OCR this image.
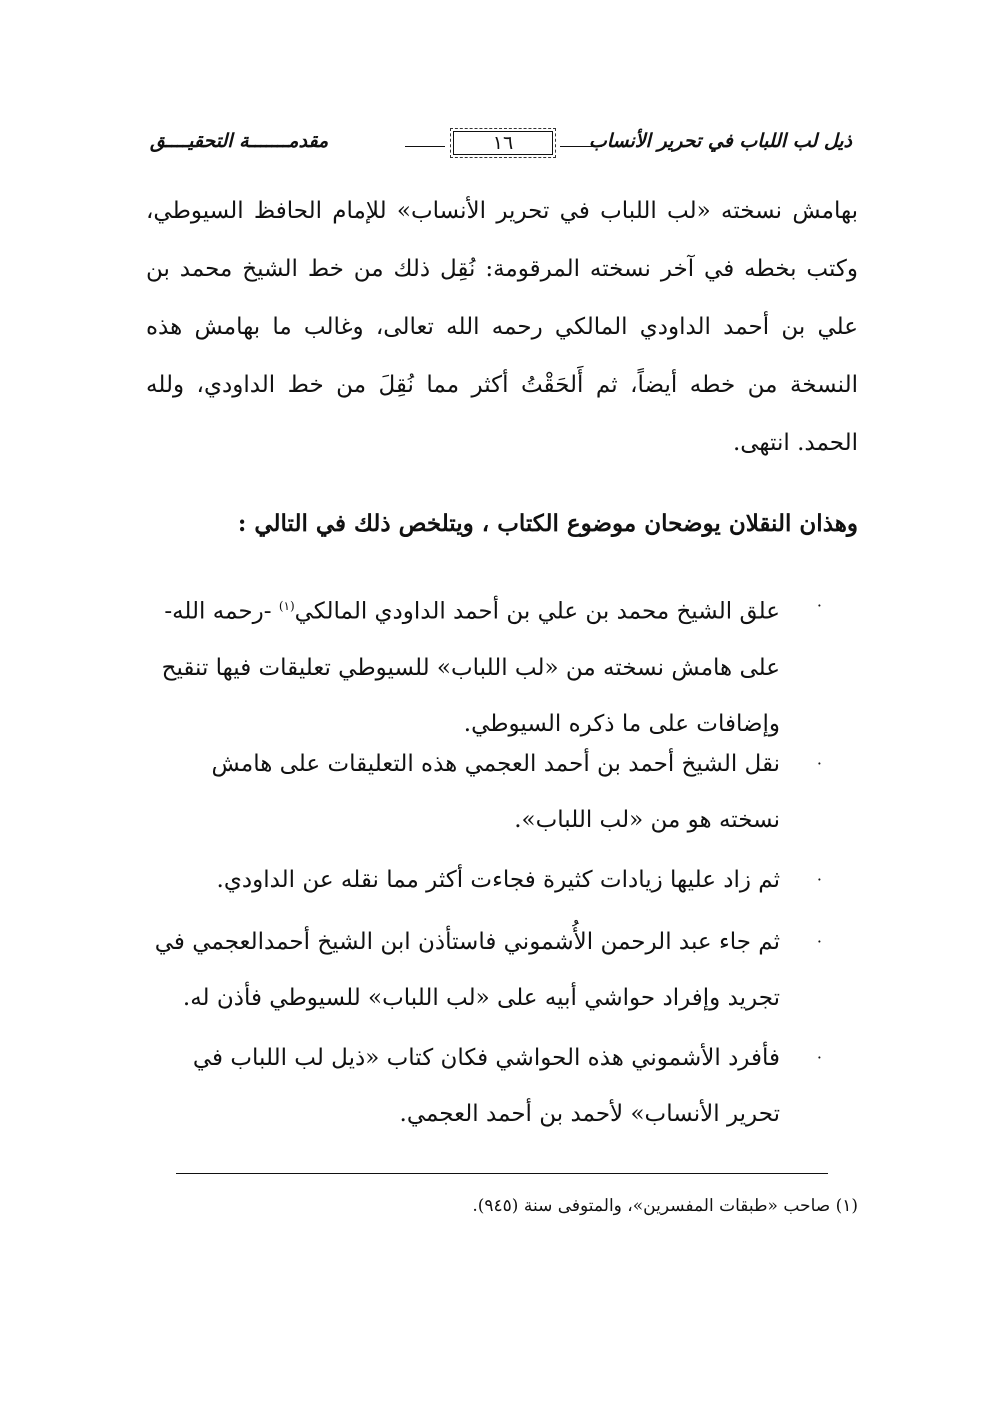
ذيل لب اللباب في تحرير الأنساب
١٦
مقدمـــــــة التحقيــــق

بهامش نسخته «لب اللباب في تحرير الأنساب» للإمام الحافظ السيوطي، وكتب بخطه في آخر نسخته المرقومة: نُقِل ذلك من خط الشيخ محمد بن علي بن أحمد الداودي المالكي رحمه الله تعالى، وغالب ما بهامش هذه النسخة من خطه أيضاً، ثم أَلحَقْتُ أكثر مما نُقِلَ من خط الداودي، ولله الحمد. انتهى.

وهذان النقلان يوضحان موضوع الكتاب ، ويتلخص ذلك في التالي :
·
علق الشيخ محمد بن علي بن أحمد الداودي المالكي$^{(١)}$ -رحمه الله- على هامش نسخته من «لب اللباب» للسيوطي تعليقات فيها تنقيح وإضافات على ما ذكره السيوطي.
·
نقل الشيخ أحمد بن أحمد العجمي هذه التعليقات على هامش نسخته هو من «لب اللباب».
·
ثم زاد عليها زيادات كثيرة فجاءت أكثر مما نقله عن الداودي.
·
ثم جاء عبد الرحمن الأُشموني فاستأذن ابن الشيخ أحمدالعجمي في تجريد وإفراد حواشي أبيه على «لب اللباب» للسيوطي فأذن له.
·
فأفرد الأشموني هذه الحواشي فكان كتاب «ذيل لب اللباب في تحرير الأنساب» لأحمد بن أحمد العجمي.
(١) صاحب «طبقات المفسرين»، والمتوفى سنة (٩٤٥).
